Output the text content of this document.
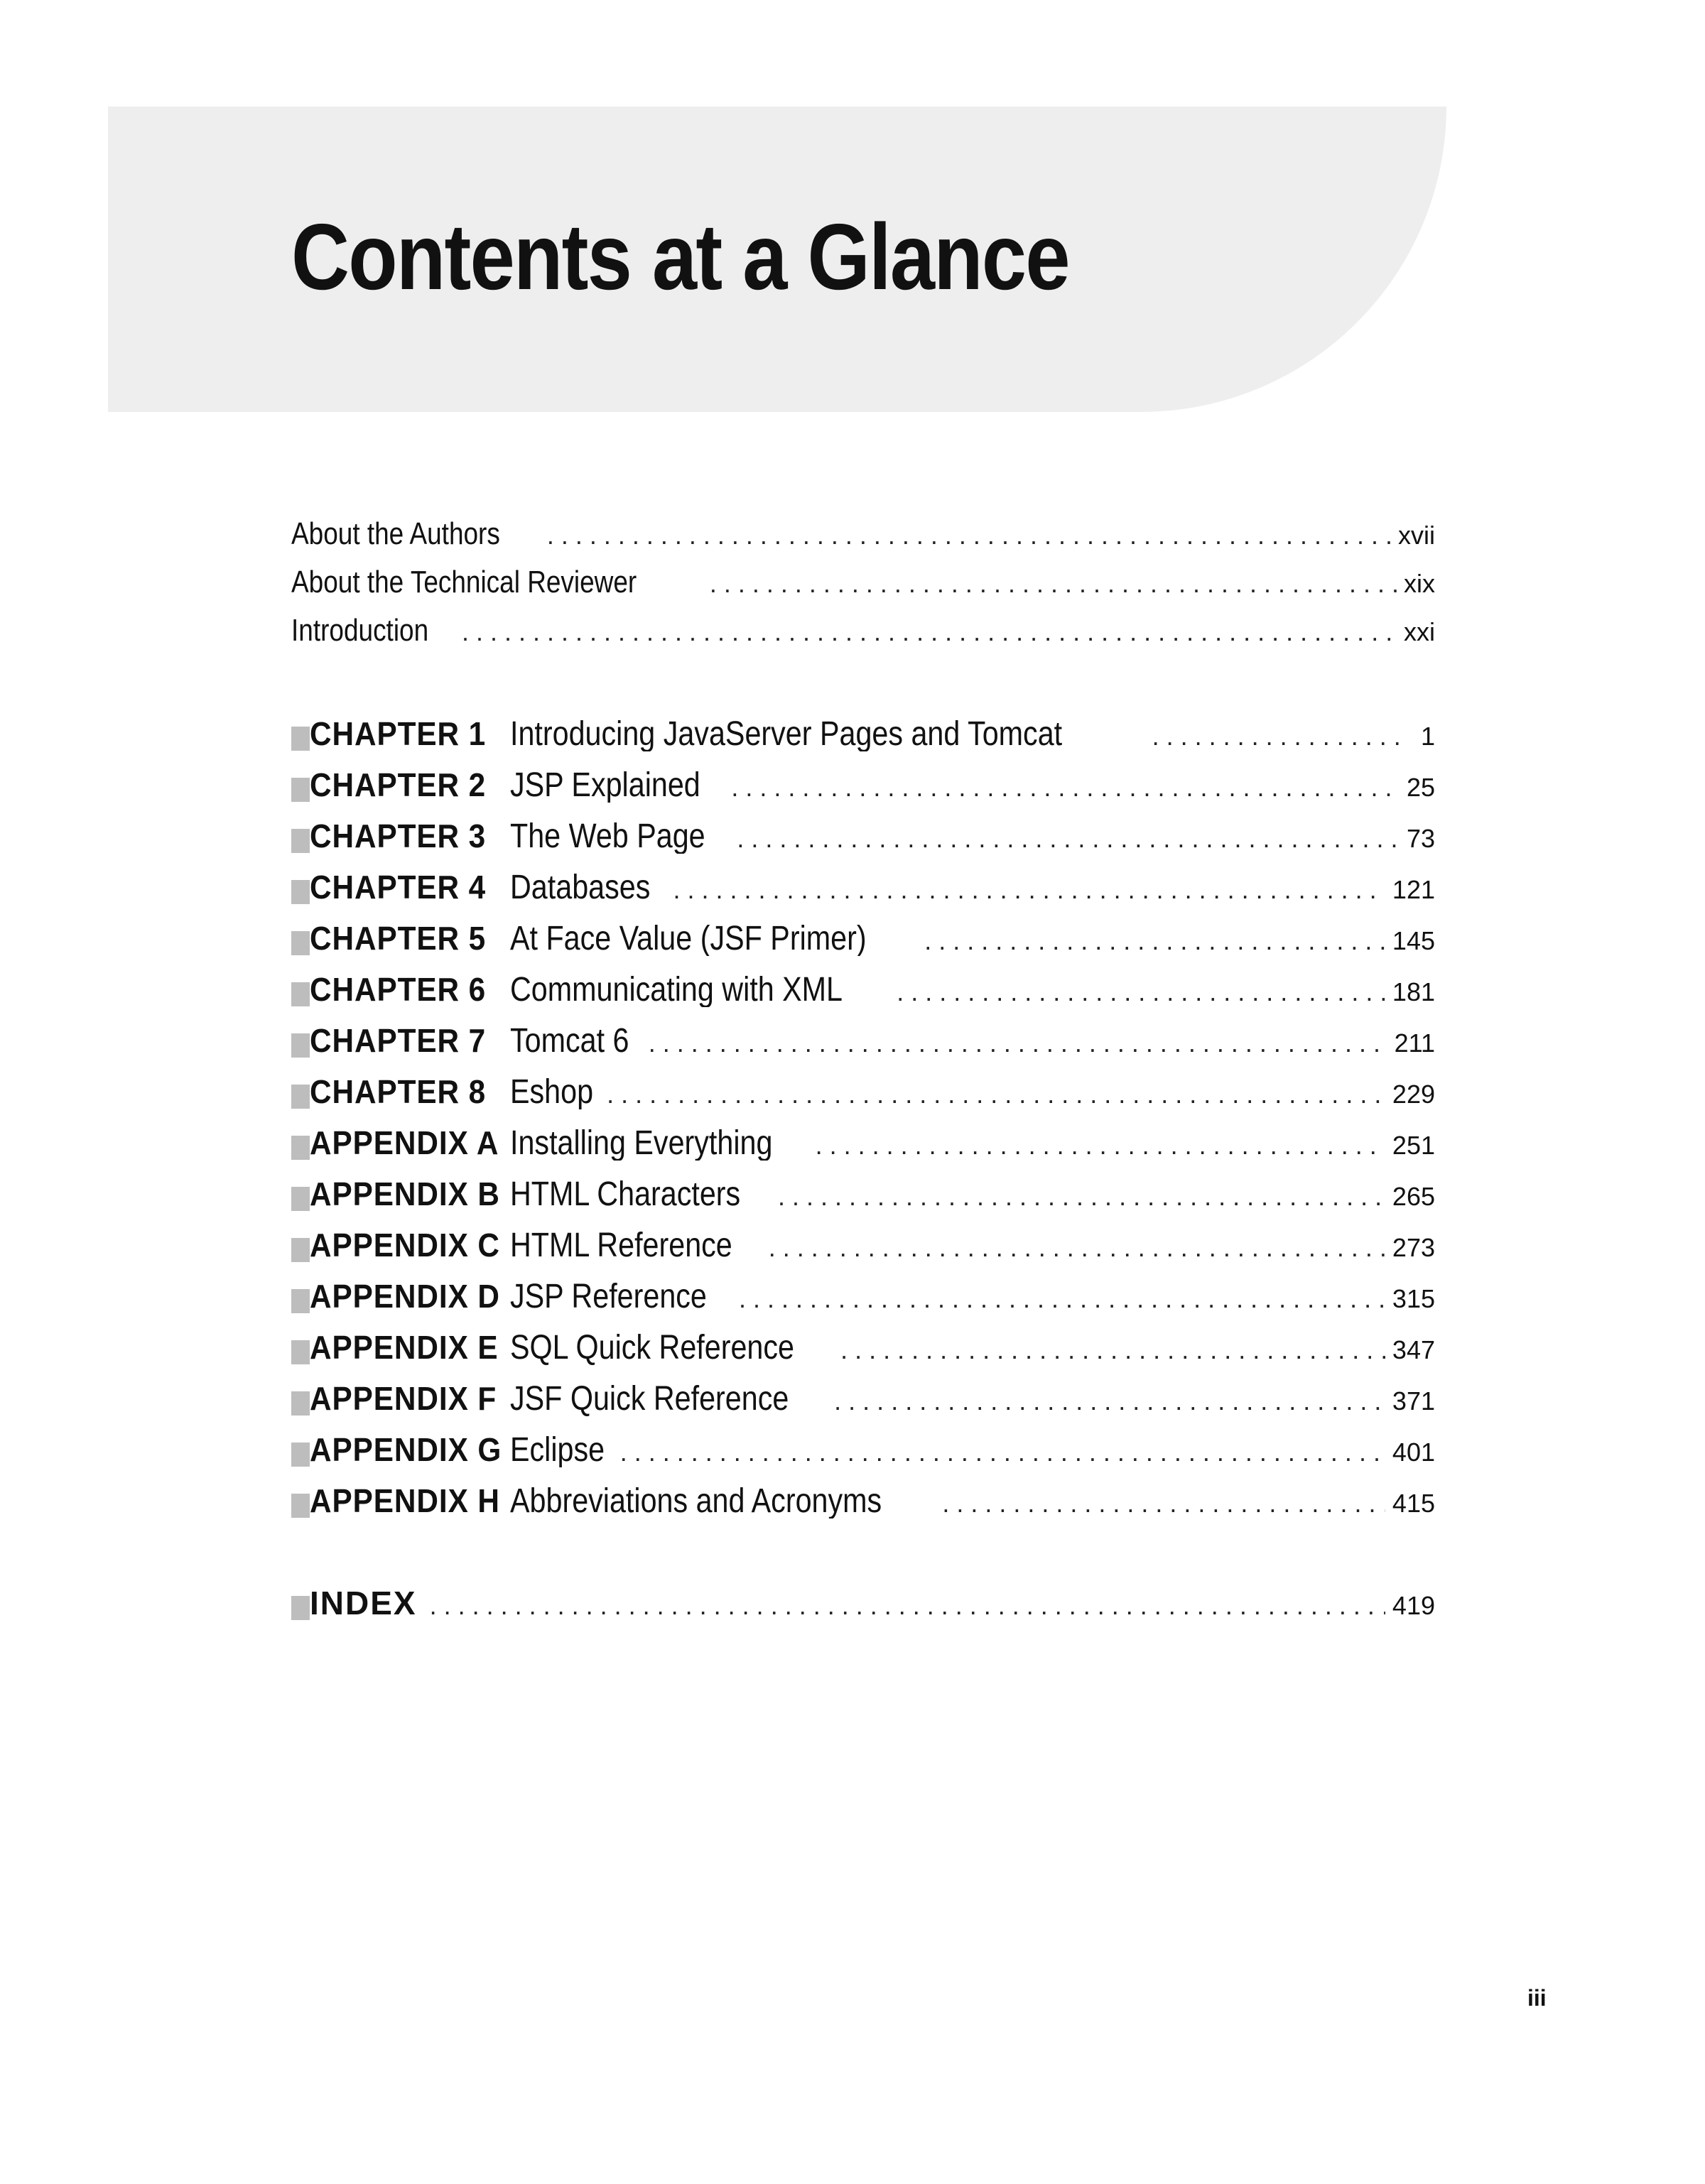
Contents at a Glance
About the Authors . . .	xvii
About the Technical Reviewer . . .	xix
Introduction . . .	xxi
CHAPTER 1 Introducing JavaServer Pages and Tomcat . . .	1
CHAPTER 2 JSP Explained . . .	25
CHAPTER 3 The Web Page . . .	73
CHAPTER 4 Databases . . .	121
CHAPTER 5 At Face Value (JSF Primer) . . .	145
CHAPTER 6 Communicating with XML . . .	181
CHAPTER 7 Tomcat 6 . . .	211
CHAPTER 8 Eshop . . .	229
APPENDIX A Installing Everything . . .	251
APPENDIX B HTML Characters . . .	265
APPENDIX C HTML Reference . . .	273
APPENDIX D JSP Reference . . .	315
APPENDIX E SQL Quick Reference . . .	347
APPENDIX F JSF Quick Reference . . .	371
APPENDIX G Eclipse . . .	401
APPENDIX H Abbreviations and Acronyms . . .	415
INDEX . . .	419
iii
